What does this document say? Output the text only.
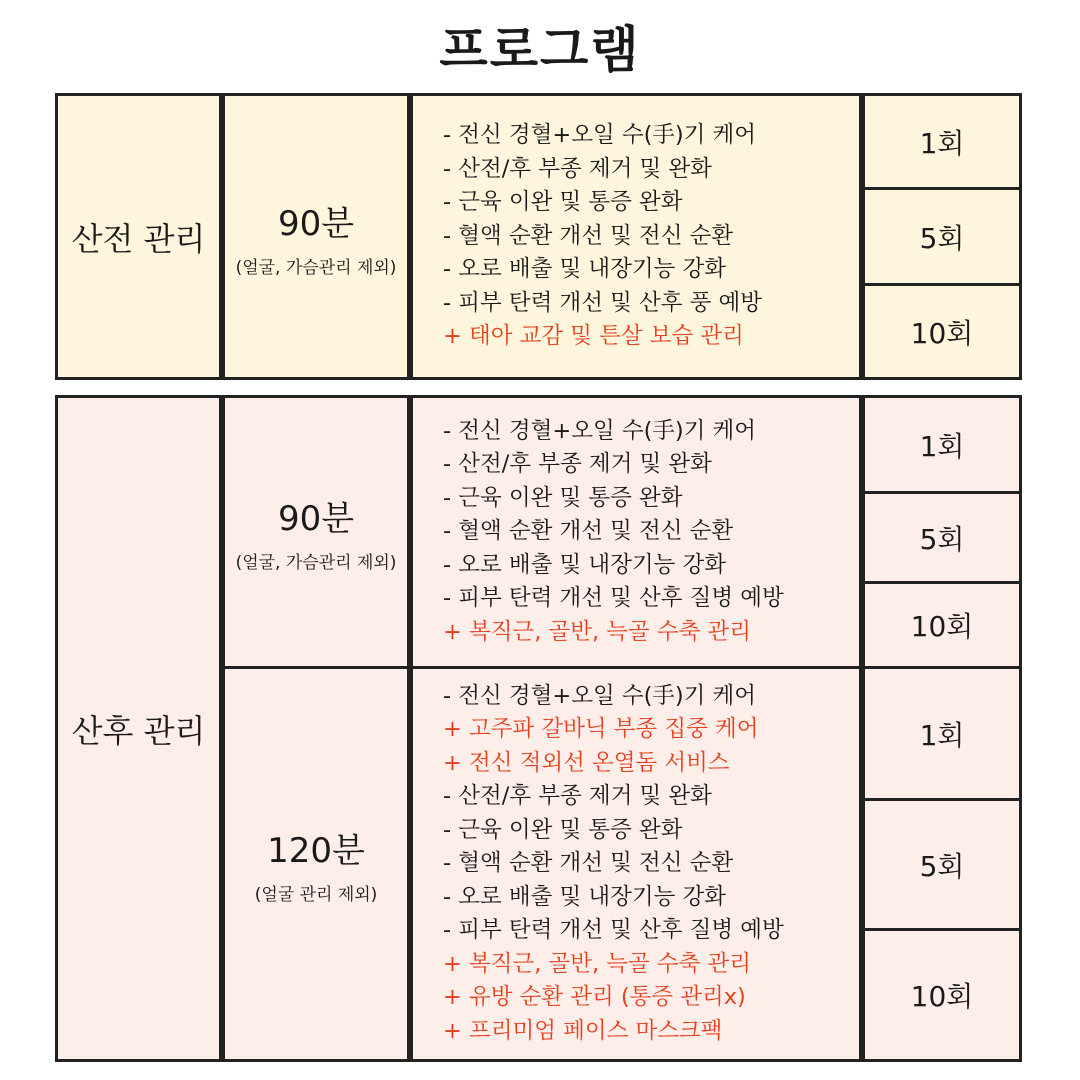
프로그램
산전 관리 90분
(얼굴, 가슴관리 제외)
- 전신 경혈+오일 수(手)기 케어
- 산전/후 부종 제거 및 완화
- 근육 이완 및 통증 완화
- 혈액 순환 개선 및 전신 순환
- 오로 배출 및 내장기능 강화
- 피부 탄력 개선 및 산후 풍 예방
+ 태아 교감 및 튼살 보습 관리
1회
5회
10회
산후 관리
90분
(얼굴, 가슴관리 제외)
- 전신 경혈+오일 수(手)기 케어
- 산전/후 부종 제거 및 완화
- 근육 이완 및 통증 완화
- 혈액 순환 개선 및 전신 순환
- 오로 배출 및 내장기능 강화
- 피부 탄력 개선 및 산후 질병 예방
+ 복직근, 골반, 늑골 수축 관리
1회
5회
10회
120분
(얼굴 관리 제외)
- 전신 경혈+오일 수(手)기 케어
+ 고주파 갈바닉 부종 집중 케어
+ 전신 적외선 온열돔 서비스
- 산전/후 부종 제거 및 완화
- 근육 이완 및 통증 완화
- 혈액 순환 개선 및 전신 순환
- 오로 배출 및 내장기능 강화
- 피부 탄력 개선 및 산후 질병 예방
+ 복직근, 골반, 늑골 수축 관리
+ 유방 순환 관리 (통증 관리x)
+ 프리미엄 페이스 마스크팩
1회
5회
10회
